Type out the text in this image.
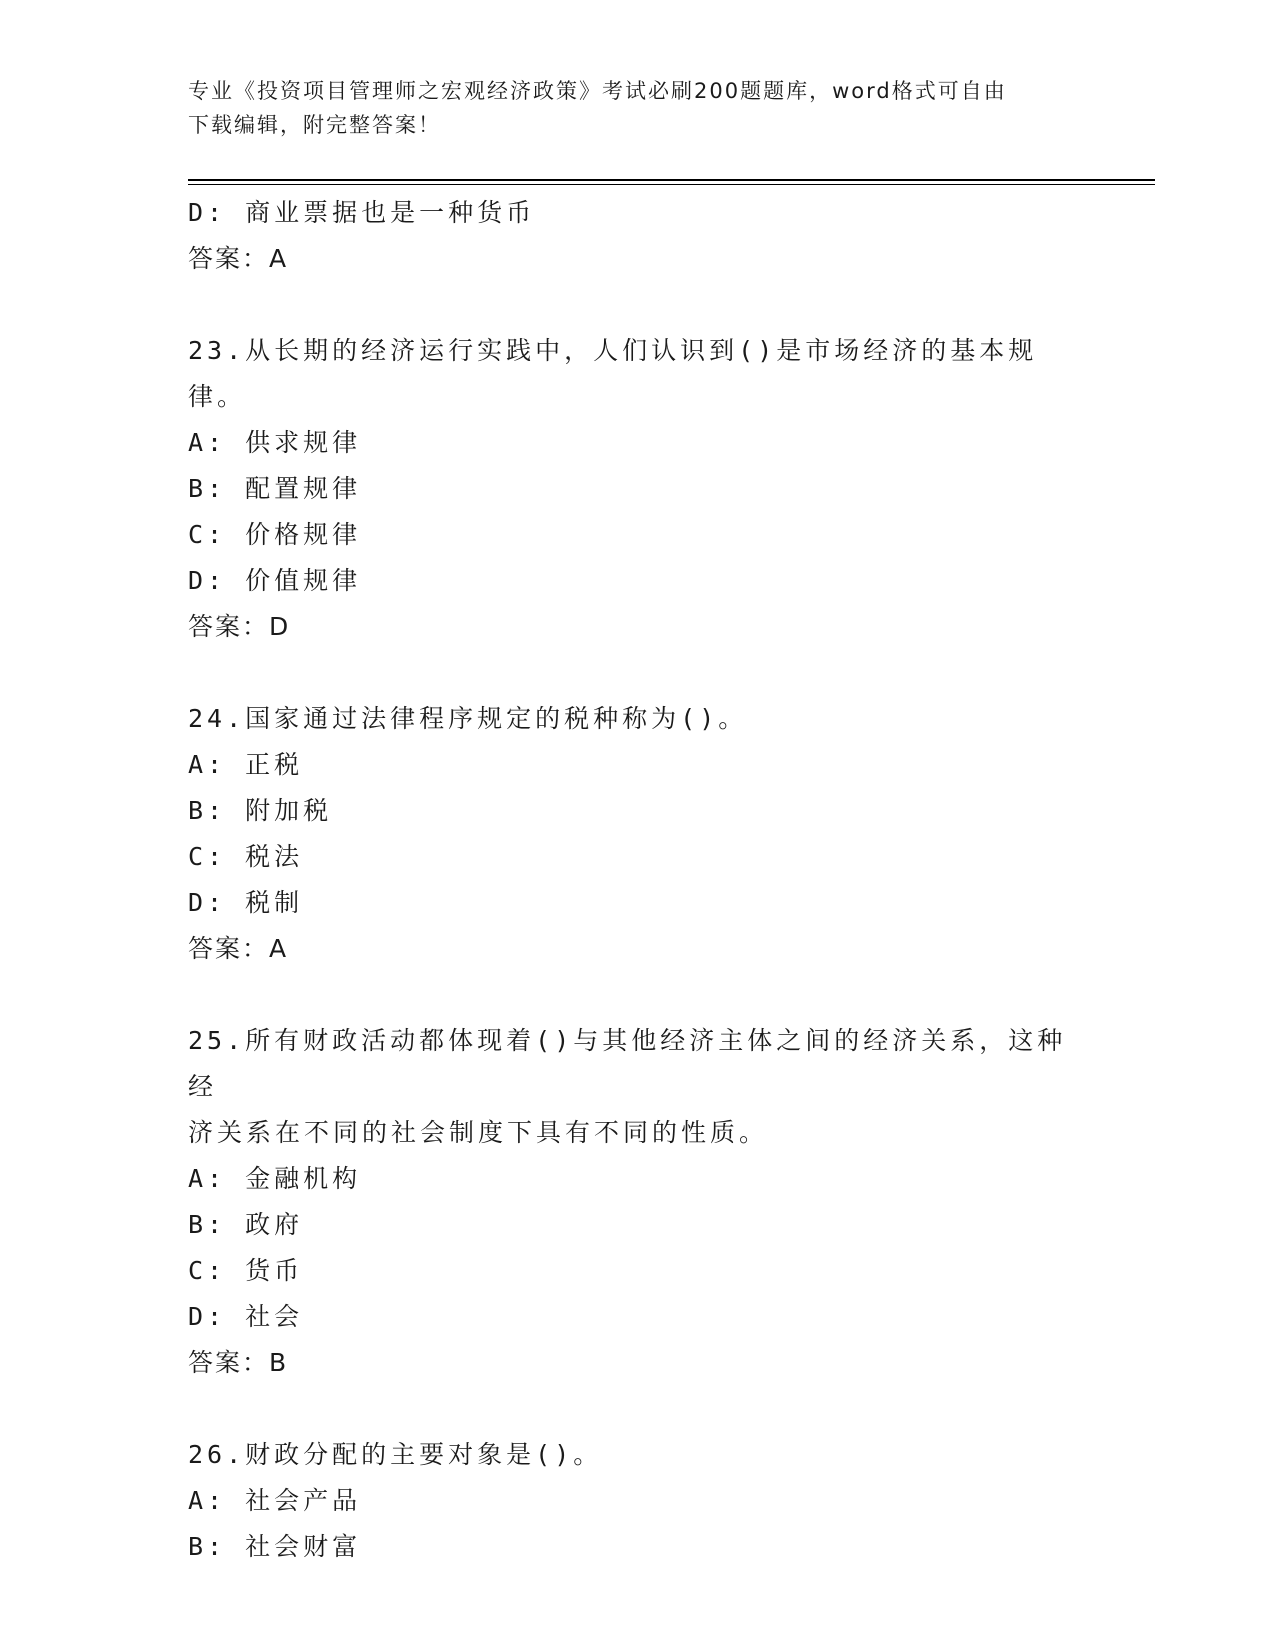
专业《投资项目管理师之宏观经济政策》考试必刷200题题库，word格式可自由
下载编辑，附完整答案！
D: 商业票据也是一种货币
答案：A
23.从长期的经济运行实践中，人们认识到()是市场经济的基本规律。
A: 供求规律
B: 配置规律
C: 价格规律
D: 价值规律
答案：D
24.国家通过法律程序规定的税种称为()。
A: 正税
B: 附加税
C: 税法
D: 税制
答案：A
25.所有财政活动都体现着()与其他经济主体之间的经济关系，这种经
济关系在不同的社会制度下具有不同的性质。
A: 金融机构
B: 政府
C: 货币
D: 社会
答案：B
26.财政分配的主要对象是()。
A: 社会产品
B: 社会财富
